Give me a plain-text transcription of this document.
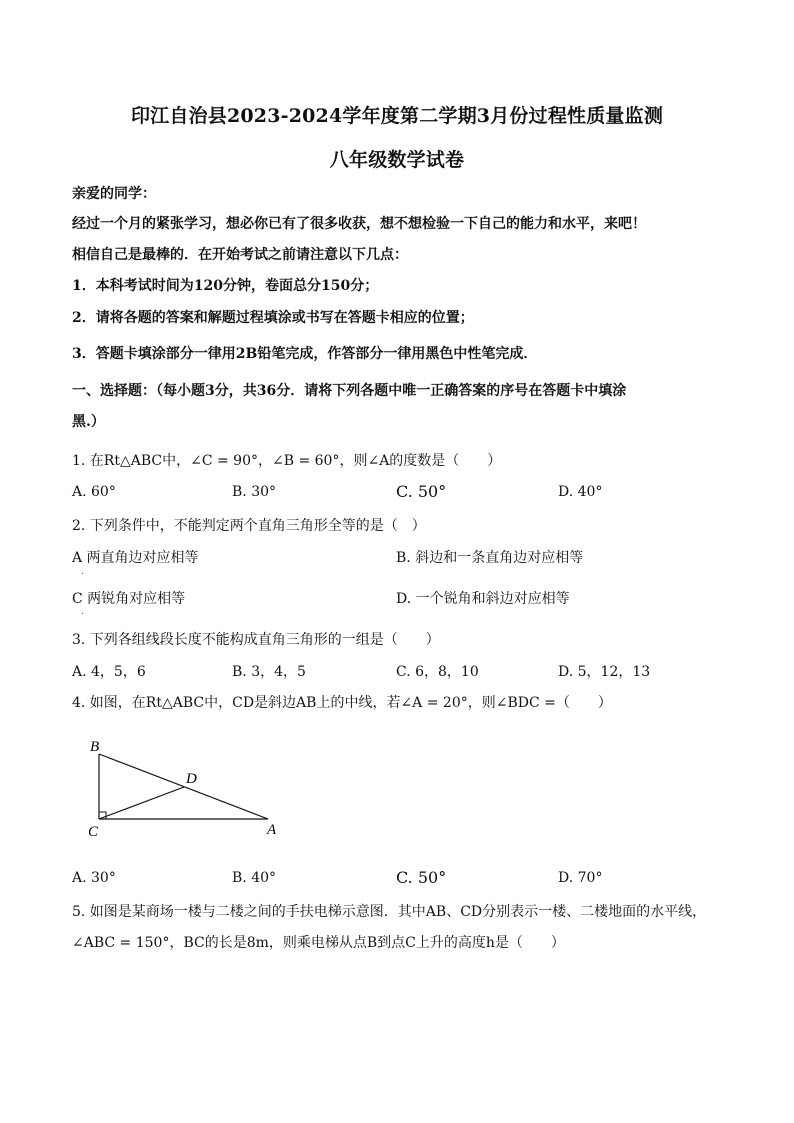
印江自治县2023-2024学年度第二学期3月份过程性质量监测
八年级数学试卷
亲爱的同学：
经过一个月的紧张学习，想必你已有了很多收获，想不想检验一下自己的能力和水平，来吧！
相信自己是最棒的．在开始考试之前请注意以下几点：
1．本科考试时间为120分钟，卷面总分150分；
2．请将各题的答案和解题过程填涂或书写在答题卡相应的位置；
3．答题卡填涂部分一律用2B铅笔完成，作答部分一律用黑色中性笔完成．
一、选择题：（每小题3分，共36分．请将下列各题中唯一正确答案的序号在答题卡中填涂
黑.）
1. 在Rt△ABC中，∠C = 90°，∠B = 60°，则∠A的度数是（　　）
A. 60°	B. 30°	C. 50°	D. 40°
2. 下列条件中，不能判定两个直角三角形全等的是（　）
A 两直角边对应相等	B. 斜边和一条直角边对应相等
.
C 两锐角对应相等	D. 一个锐角和斜边对应相等
.
3. 下列各组线段长度不能构成直角三角形的一组是（　　）
A. 4，5，6	B. 3，4，5	C. 6，8，10	D. 5，12，13
4. 如图，在Rt△ABC中，CD是斜边AB上的中线，若∠A = 20°，则∠BDC =（　　）
B
D
C	A
A. 30°	B. 40°	C. 50°	D. 70°
5. 如图是某商场一楼与二楼之间的手扶电梯示意图．其中AB、CD分别表示一楼、二楼地面的水平线，
∠ABC = 150°，BC的长是8m，则乘电梯从点B到点C上升的高度h是（　　）
